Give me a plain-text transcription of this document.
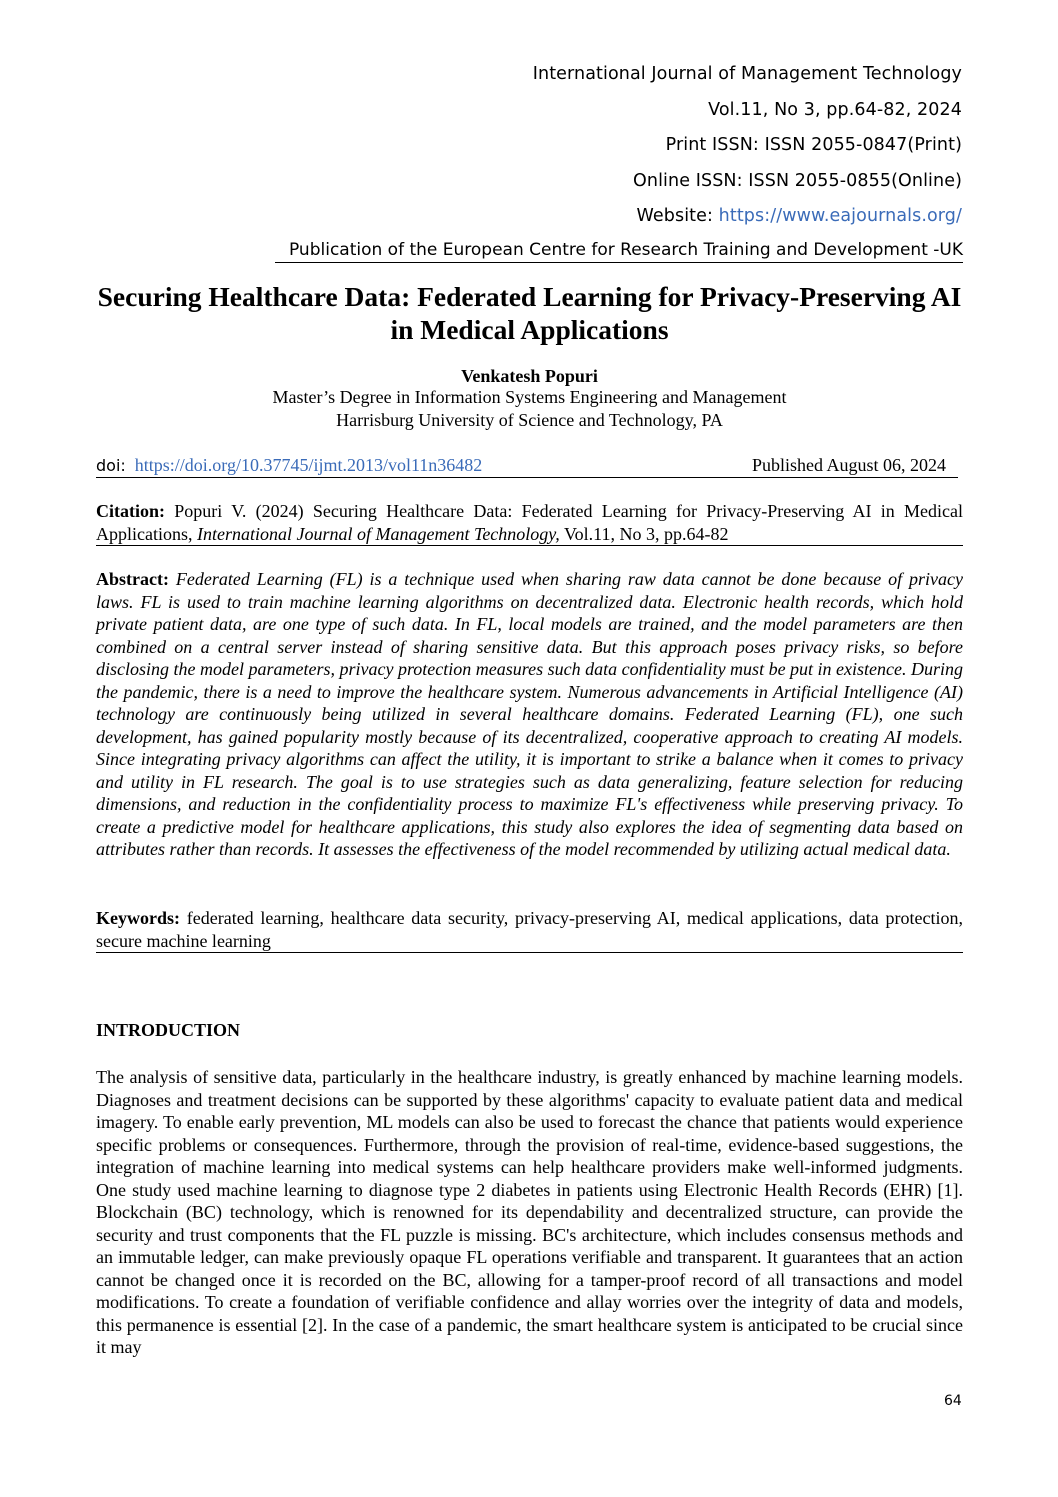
International Journal of Management Technology
Vol.11, No 3, pp.64-82, 2024
Print ISSN: ISSN 2055-0847(Print)
Online ISSN: ISSN 2055-0855(Online)
Website: https://www.eajournals.org/
Publication of the European Centre for Research Training and Development -UK
Securing Healthcare Data: Federated Learning for Privacy-Preserving AI in Medical Applications
Venkatesh Popuri
Master’s Degree in Information Systems Engineering and Management
Harrisburg University of Science and Technology, PA
doi: https://doi.org/10.37745/ijmt.2013/vol11n36482	Published August 06, 2024
Citation: Popuri V. (2024) Securing Healthcare Data: Federated Learning for Privacy-Preserving AI in Medical Applications, International Journal of Management Technology, Vol.11, No 3, pp.64-82
Abstract: Federated Learning (FL) is a technique used when sharing raw data cannot be done because of privacy laws. FL is used to train machine learning algorithms on decentralized data. Electronic health records, which hold private patient data, are one type of such data. In FL, local models are trained, and the model parameters are then combined on a central server instead of sharing sensitive data. But this approach poses privacy risks, so before disclosing the model parameters, privacy protection measures such data confidentiality must be put in existence. During the pandemic, there is a need to improve the healthcare system. Numerous advancements in Artificial Intelligence (AI) technology are continuously being utilized in several healthcare domains. Federated Learning (FL), one such development, has gained popularity mostly because of its decentralized, cooperative approach to creating AI models. Since integrating privacy algorithms can affect the utility, it is important to strike a balance when it comes to privacy and utility in FL research. The goal is to use strategies such as data generalizing, feature selection for reducing dimensions, and reduction in the confidentiality process to maximize FL's effectiveness while preserving privacy. To create a predictive model for healthcare applications, this study also explores the idea of segmenting data based on attributes rather than records. It assesses the effectiveness of the model recommended by utilizing actual medical data.
Keywords: federated learning, healthcare data security, privacy-preserving AI, medical applications, data protection, secure machine learning
INTRODUCTION
The analysis of sensitive data, particularly in the healthcare industry, is greatly enhanced by machine learning models. Diagnoses and treatment decisions can be supported by these algorithms' capacity to evaluate patient data and medical imagery. To enable early prevention, ML models can also be used to forecast the chance that patients would experience specific problems or consequences. Furthermore, through the provision of real-time, evidence-based suggestions, the integration of machine learning into medical systems can help healthcare providers make well-informed judgments. One study used machine learning to diagnose type 2 diabetes in patients using Electronic Health Records (EHR) [1]. Blockchain (BC) technology, which is renowned for its dependability and decentralized structure, can provide the security and trust components that the FL puzzle is missing. BC's architecture, which includes consensus methods and an immutable ledger, can make previously opaque FL operations verifiable and transparent. It guarantees that an action cannot be changed once it is recorded on the BC, allowing for a tamper-proof record of all transactions and model modifications. To create a foundation of verifiable confidence and allay worries over the integrity of data and models, this permanence is essential [2]. In the case of a pandemic, the smart healthcare system is anticipated to be crucial since it may
64
